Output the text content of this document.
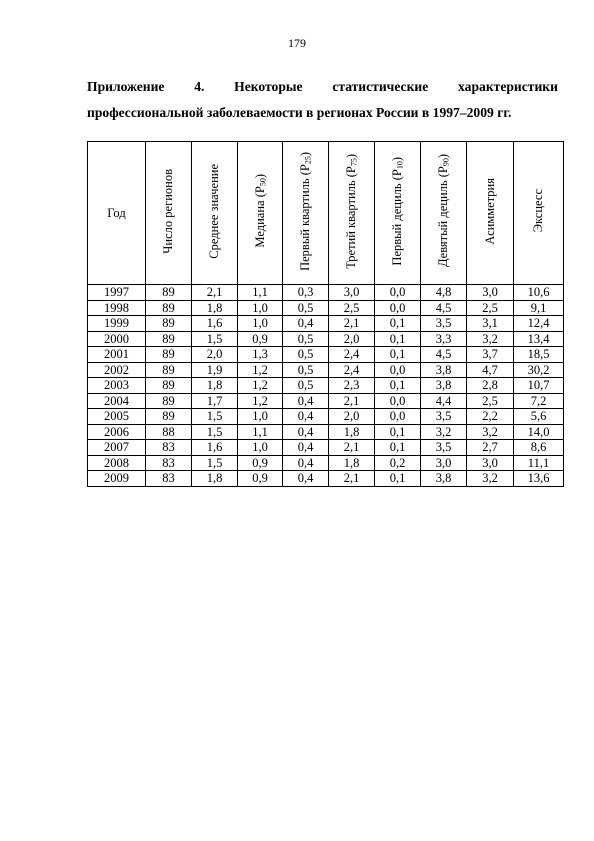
179
Приложение 4. Некоторые статистические характеристики
профессиональной заболеваемости в регионах России в 1997–2009 гг.
Год	Число регионов	Среднее значение	Медиана $(P_{50})$	Первый квартиль $(P_{25})$	Третий квартиль $(P_{75})$	Первый дециль $(P_{10})$	Девятый дециль $(P_{90})$	Асимметрия	Эксцесс
1997	89	2,1	1,1	0,3	3,0	0,0	4,8	3,0	10,6
1998	89	1,8	1,0	0,5	2,5	0,0	4,5	2,5	9,1
1999	89	1,6	1,0	0,4	2,1	0,1	3,5	3,1	12,4
2000	89	1,5	0,9	0,5	2,0	0,1	3,3	3,2	13,4
2001	89	2,0	1,3	0,5	2,4	0,1	4,5	3,7	18,5
2002	89	1,9	1,2	0,5	2,4	0,0	3,8	4,7	30,2
2003	89	1,8	1,2	0,5	2,3	0,1	3,8	2,8	10,7
2004	89	1,7	1,2	0,4	2,1	0,0	4,4	2,5	7,2
2005	89	1,5	1,0	0,4	2,0	0,0	3,5	2,2	5,6
2006	88	1,5	1,1	0,4	1,8	0,1	3,2	3,2	14,0
2007	83	1,6	1,0	0,4	2,1	0,1	3,5	2,7	8,6
2008	83	1,5	0,9	0,4	1,8	0,2	3,0	3,0	11,1
2009	83	1,8	0,9	0,4	2,1	0,1	3,8	3,2	13,6
